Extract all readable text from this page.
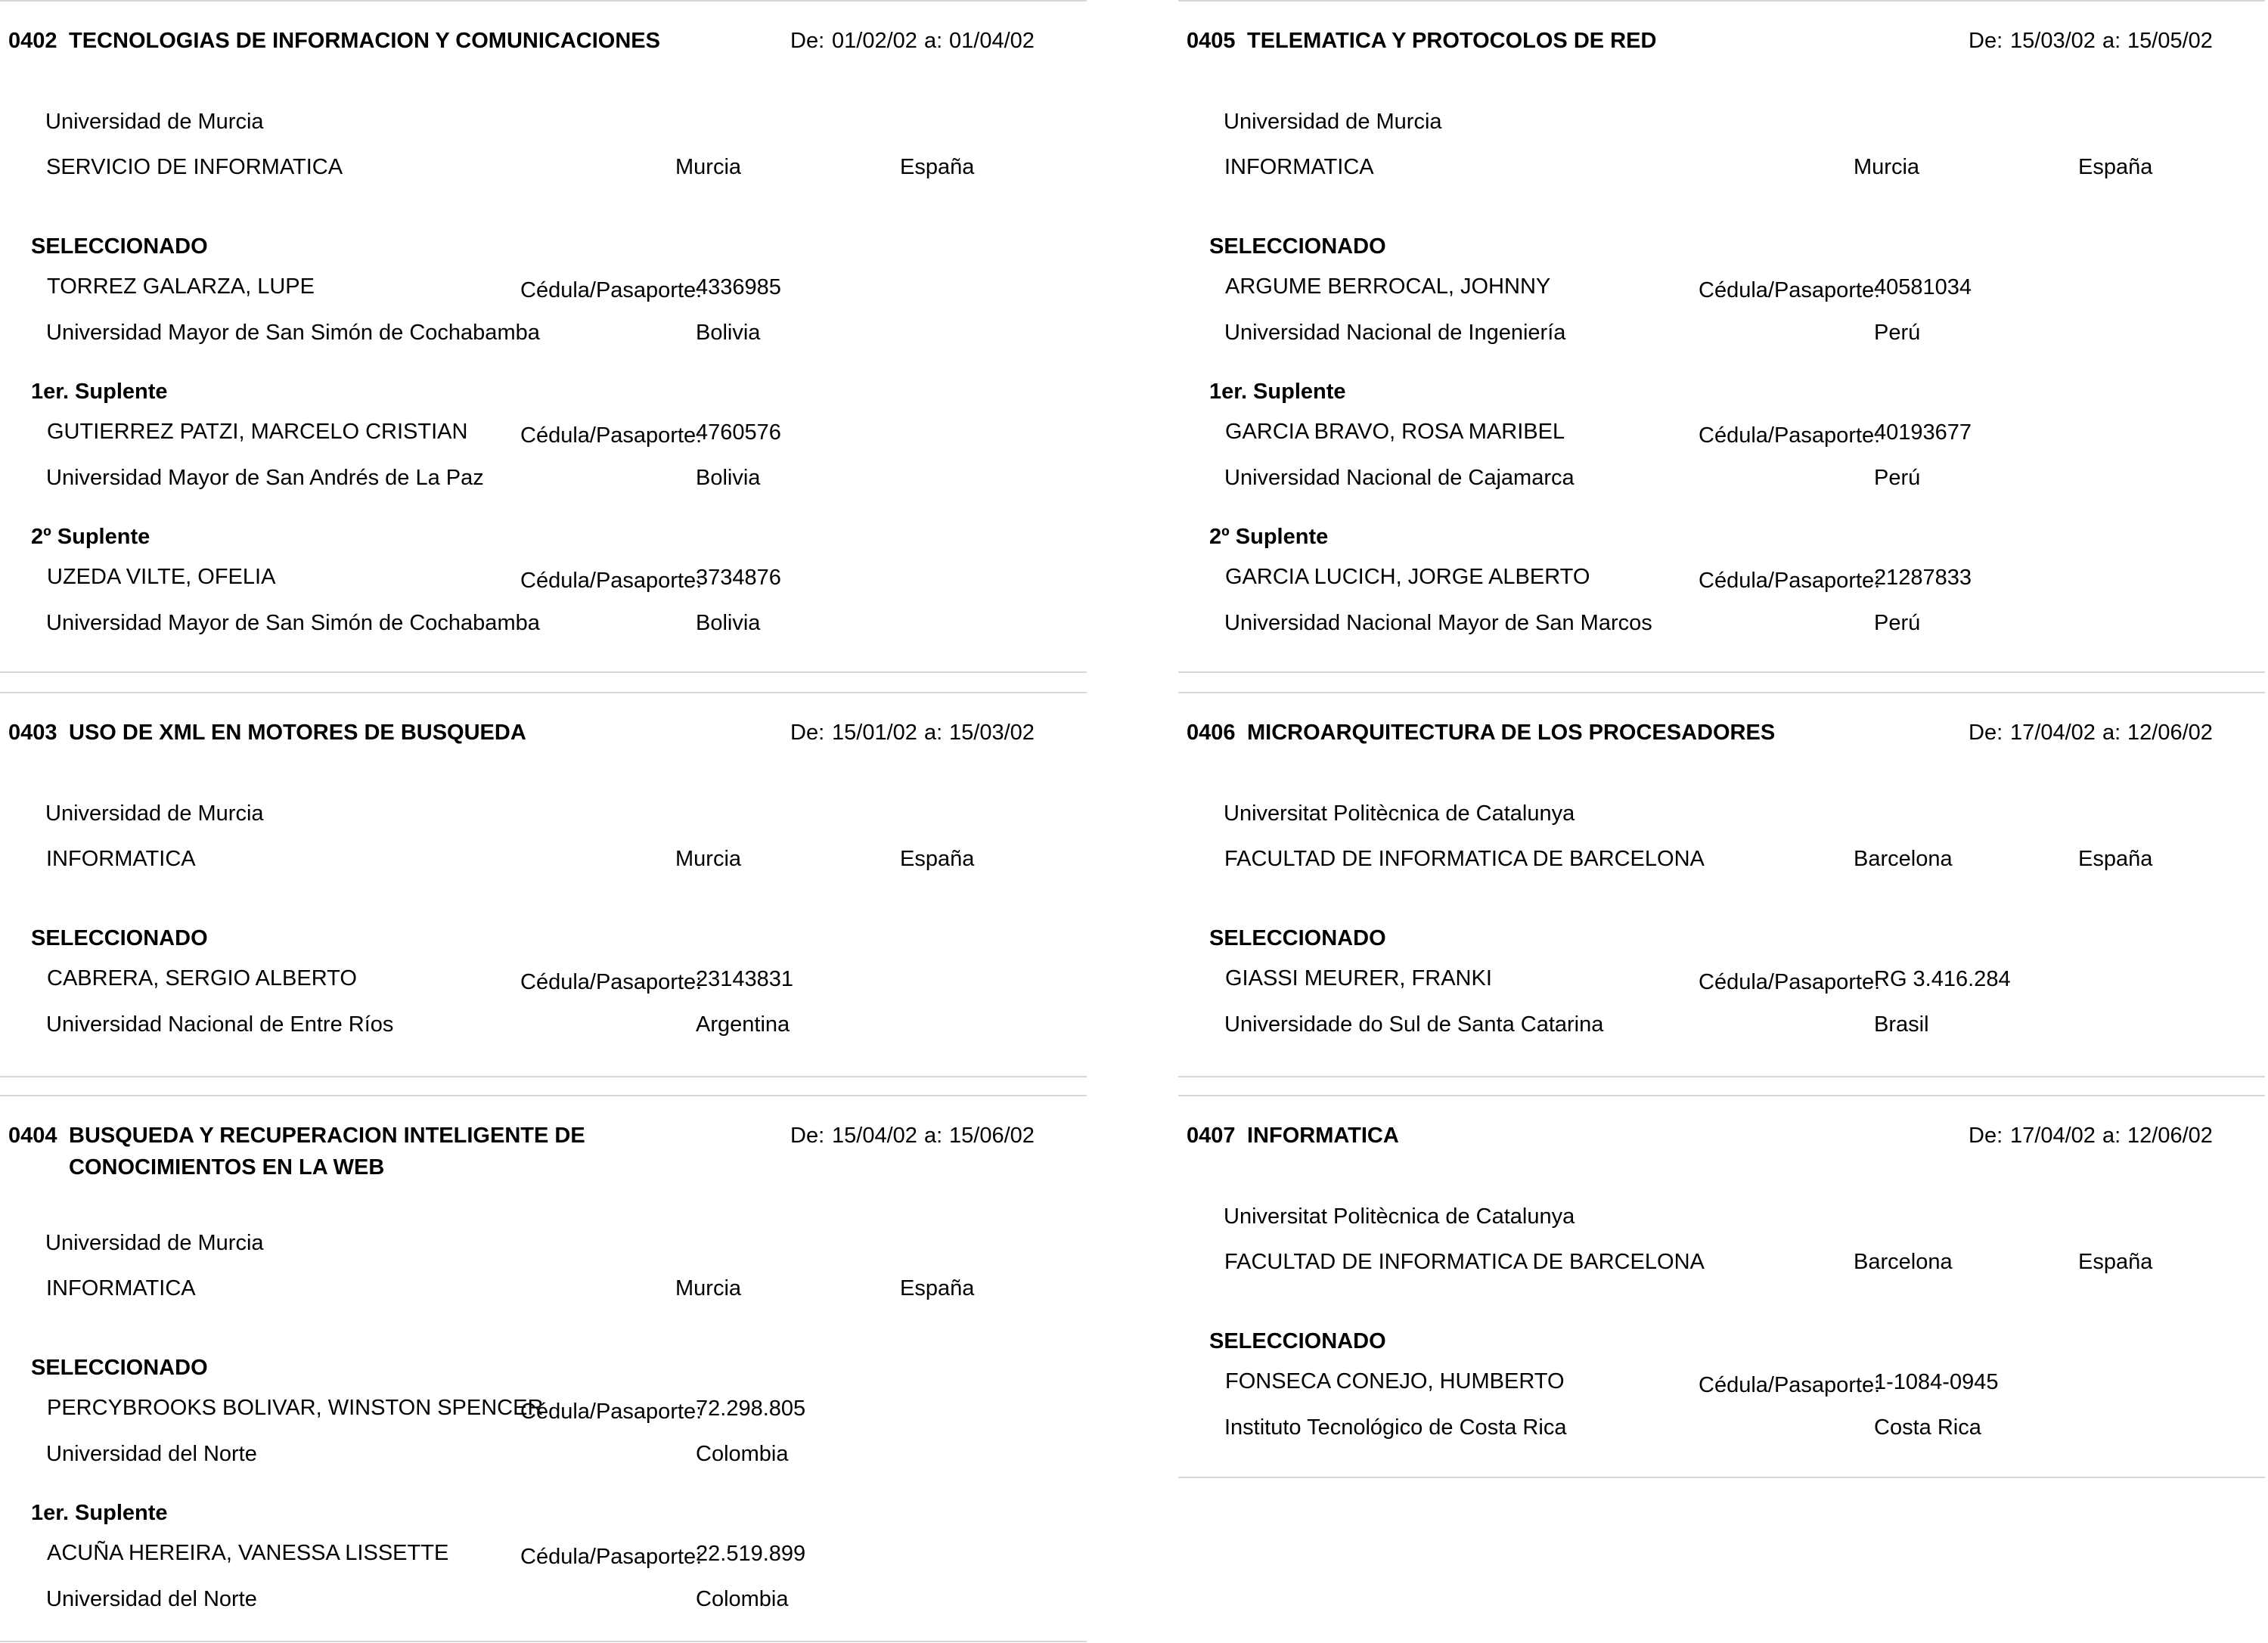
0402 TECNOLOGIAS DE INFORMACION Y COMUNICACIONES	De: 01/02/02 a: 01/04/02
Universidad de Murcia
SERVICIO DE INFORMATICA	Murcia	España
SELECCIONADO
TORREZ GALARZA, LUPE	Cédula/Pasaporte:
4336985
Universidad Mayor de San Simón de Cochabamba	Bolivia
1er. Suplente
GUTIERREZ PATZI, MARCELO CRISTIAN Cédula/Pasaporte:
4760576
Universidad Mayor de San Andrés de La Paz	Bolivia
2º Suplente
UZEDA VILTE, OFELIA	Cédula/Pasaporte:
3734876
Universidad Mayor de San Simón de Cochabamba	Bolivia
0403 USO DE XML EN MOTORES DE BUSQUEDA	De: 15/01/02 a: 15/03/02
Universidad de Murcia
INFORMATICA	Murcia	España
SELECCIONADO
CABRERA, SERGIO ALBERTO	Cédula/Pasaporte:
23143831
Universidad Nacional de Entre Ríos	Argentina
0404 BUSQUEDA Y RECUPERACION INTELIGENTE DE CONOCIMIENTOS EN LA WEB
De: 15/04/02 a: 15/06/02
Universidad de Murcia
INFORMATICA	Murcia	España
SELECCIONADO
PERCYBROOKS BOLIVAR, WINSTON SPENCER
Cédula/Pasaporte:
72.298.805
Universidad del Norte	Colombia
1er. Suplente
ACUÑA HEREIRA, VANESSA LISSETTE	Cédula/Pasaporte:
22.519.899
Universidad del Norte	Colombia
0405 TELEMATICA Y PROTOCOLOS DE RED	De: 15/03/02 a: 15/05/02
Universidad de Murcia
INFORMATICA	Murcia	España
SELECCIONADO
ARGUME BERROCAL, JOHNNY	Cédula/Pasaporte:
40581034
Universidad Nacional de Ingeniería	Perú
1er. Suplente
GARCIA BRAVO, ROSA MARIBEL	Cédula/Pasaporte:
40193677
Universidad Nacional de Cajamarca	Perú
2º Suplente
GARCIA LUCICH, JORGE ALBERTO	Cédula/Pasaporte:
21287833
Universidad Nacional Mayor de San Marcos	Perú
0406 MICROARQUITECTURA DE LOS PROCESADORES	De: 17/04/02 a: 12/06/02
Universitat Politècnica de Catalunya
FACULTAD DE INFORMATICA DE BARCELONA	Barcelona	España
SELECCIONADO
GIASSI MEURER, FRANKI	Cédula/Pasaporte:
RG 3.416.284
Universidade do Sul de Santa Catarina	Brasil
0407 INFORMATICA	De: 17/04/02 a: 12/06/02
Universitat Politècnica de Catalunya
FACULTAD DE INFORMATICA DE BARCELONA	Barcelona	España
SELECCIONADO
FONSECA CONEJO, HUMBERTO	Cédula/Pasaporte:
1-1084-0945
Instituto Tecnológico de Costa Rica	Costa Rica
